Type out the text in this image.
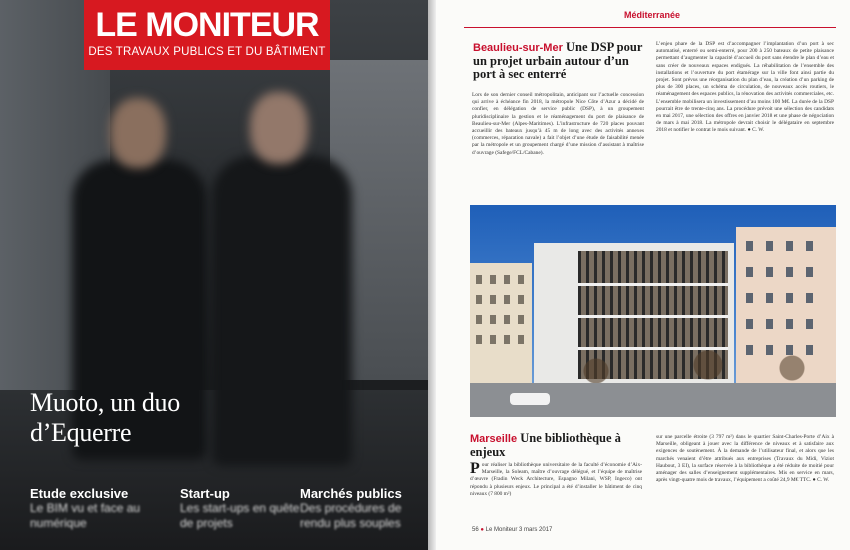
LE MONITEUR
DES TRAVAUX PUBLICS ET DU BÂTIMENT
Muoto, un duo
d’Equerre
Etude exclusive
Le BIM vu et face au numérique
Start-up
Les start-ups en quête de projets
Marchés publics
Des procédures de rendu plus souples
Méditerranée
Beaulieu-sur-Mer Une DSP pour un projet urbain autour d’un port à sec enterré
Lors de son dernier conseil métropolitain, anticipant sur l’actuelle concession qui arrive à échéance fin 2018, la métropole Nice Côte d’Azur a décidé de confier, en délégation de service public (DSP), à un groupement pluridisciplinaire la gestion et le réaménagement du port de plaisance de Beaulieu-sur-Mer (Alpes-Maritimes). L’infrastructure de 720 places pouvant accueillir des bateaux jusqu’à 45 m de long avec des activités annexes (commerces, réparation navale) a fait l’objet d’une étude de faisabilité menée par la métropole et un groupement chargé d’une mission d’assistant à maîtrise d’ouvrage (Safege/FCL/Cabane).
L’enjeu phare de la DSP est d’accompagner l’implantation d’un port à sec automatisé, enterré ou semi-enterré, pour 200 à 250 bateaux de petite plaisance permettant d’augmenter la capacité d’accueil du port sans étendre le plan d’eau et sans créer de nouveaux espaces endigués. La réhabilitation de l’ensemble des installations et l’ouverture du port étamérage sur la ville font ainsi partie du projet. Sont prévus une réorganisation du plan d’eau, la création d’un parking de plus de 300 places, un schéma de circulation, de nouveaux accès routiers, le réaménagement des espaces publics, la rénovation des activités commerciales, etc. L’ensemble mobilisera un investissement d’au moins 100 M€. La durée de la DSP pourrait être de trente-cinq ans. La procédure prévoit une sélection des candidats en mai 2017, une sélection des offres en janvier 2018 et une phase de négociation de mars à mai 2018. La métropole devrait choisir le délégataire en septembre 2018 et notifier le contrat le mois suivant. ● C. W.
Marseille Une bibliothèque à enjeux
Pour réaliser la bibliothèque universitaire de la faculté d’économie d’Aix-Marseille, la Soleam, maître d’ouvrage délégué, et l’équipe de maîtrise d’œuvre (Fradin Weck Architecture, Espagno Milani, WSP, Ingeco) ont répondu à plusieurs enjeux. Le principal a été d’installer le bâtiment de cinq niveaux (7 800 m²)
sur une parcelle étroite (3 797 m²) dans le quartier Saint-Charles-Porte d’Aix à Marseille, obligeant à jouer avec la différence de niveaux et à satisfaire aux exigences de soutènement. À la demande de l’utilisateur final, et alors que les marchés venaient d’être attribués aux entreprises (Travaux du Midi, Viziot Haubout, 3 EI), la surface réservée à la bibliothèque a été réduite de moitié pour aménager des salles d’enseignement supplémentaires. Mis en service en mars, après vingt-quatre mois de travaux, l’équipement a coûté 24,9 M€ TTC. ● C. W.
56 ● Le Moniteur 3 mars 2017
